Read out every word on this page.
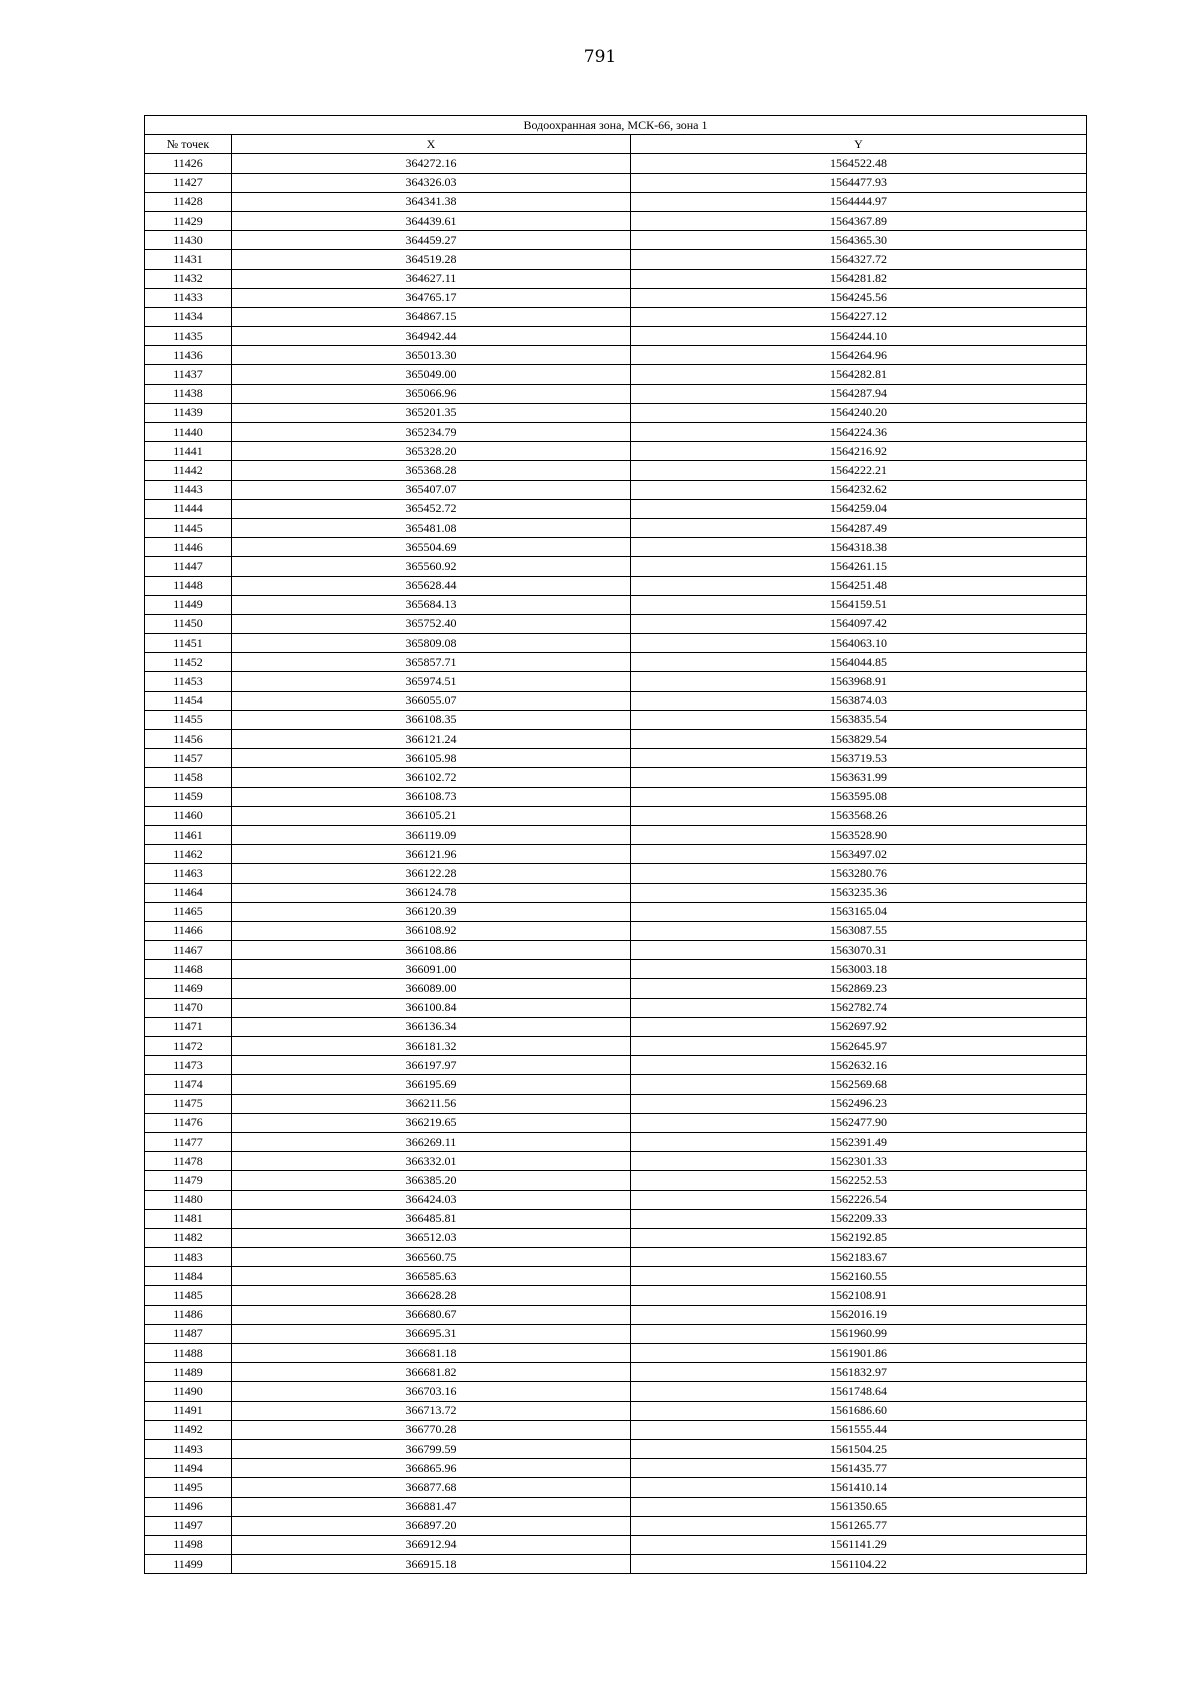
791
Водоохранная зона, МСК-66, зона 1		
№ точек	X	Y
11426	364272.16	1564522.48
11427	364326.03	1564477.93
11428	364341.38	1564444.97
11429	364439.61	1564367.89
11430	364459.27	1564365.30
11431	364519.28	1564327.72
11432	364627.11	1564281.82
11433	364765.17	1564245.56
11434	364867.15	1564227.12
11435	364942.44	1564244.10
11436	365013.30	1564264.96
11437	365049.00	1564282.81
11438	365066.96	1564287.94
11439	365201.35	1564240.20
11440	365234.79	1564224.36
11441	365328.20	1564216.92
11442	365368.28	1564222.21
11443	365407.07	1564232.62
11444	365452.72	1564259.04
11445	365481.08	1564287.49
11446	365504.69	1564318.38
11447	365560.92	1564261.15
11448	365628.44	1564251.48
11449	365684.13	1564159.51
11450	365752.40	1564097.42
11451	365809.08	1564063.10
11452	365857.71	1564044.85
11453	365974.51	1563968.91
11454	366055.07	1563874.03
11455	366108.35	1563835.54
11456	366121.24	1563829.54
11457	366105.98	1563719.53
11458	366102.72	1563631.99
11459	366108.73	1563595.08
11460	366105.21	1563568.26
11461	366119.09	1563528.90
11462	366121.96	1563497.02
11463	366122.28	1563280.76
11464	366124.78	1563235.36
11465	366120.39	1563165.04
11466	366108.92	1563087.55
11467	366108.86	1563070.31
11468	366091.00	1563003.18
11469	366089.00	1562869.23
11470	366100.84	1562782.74
11471	366136.34	1562697.92
11472	366181.32	1562645.97
11473	366197.97	1562632.16
11474	366195.69	1562569.68
11475	366211.56	1562496.23
11476	366219.65	1562477.90
11477	366269.11	1562391.49
11478	366332.01	1562301.33
11479	366385.20	1562252.53
11480	366424.03	1562226.54
11481	366485.81	1562209.33
11482	366512.03	1562192.85
11483	366560.75	1562183.67
11484	366585.63	1562160.55
11485	366628.28	1562108.91
11486	366680.67	1562016.19
11487	366695.31	1561960.99
11488	366681.18	1561901.86
11489	366681.82	1561832.97
11490	366703.16	1561748.64
11491	366713.72	1561686.60
11492	366770.28	1561555.44
11493	366799.59	1561504.25
11494	366865.96	1561435.77
11495	366877.68	1561410.14
11496	366881.47	1561350.65
11497	366897.20	1561265.77
11498	366912.94	1561141.29
11499	366915.18	1561104.22
